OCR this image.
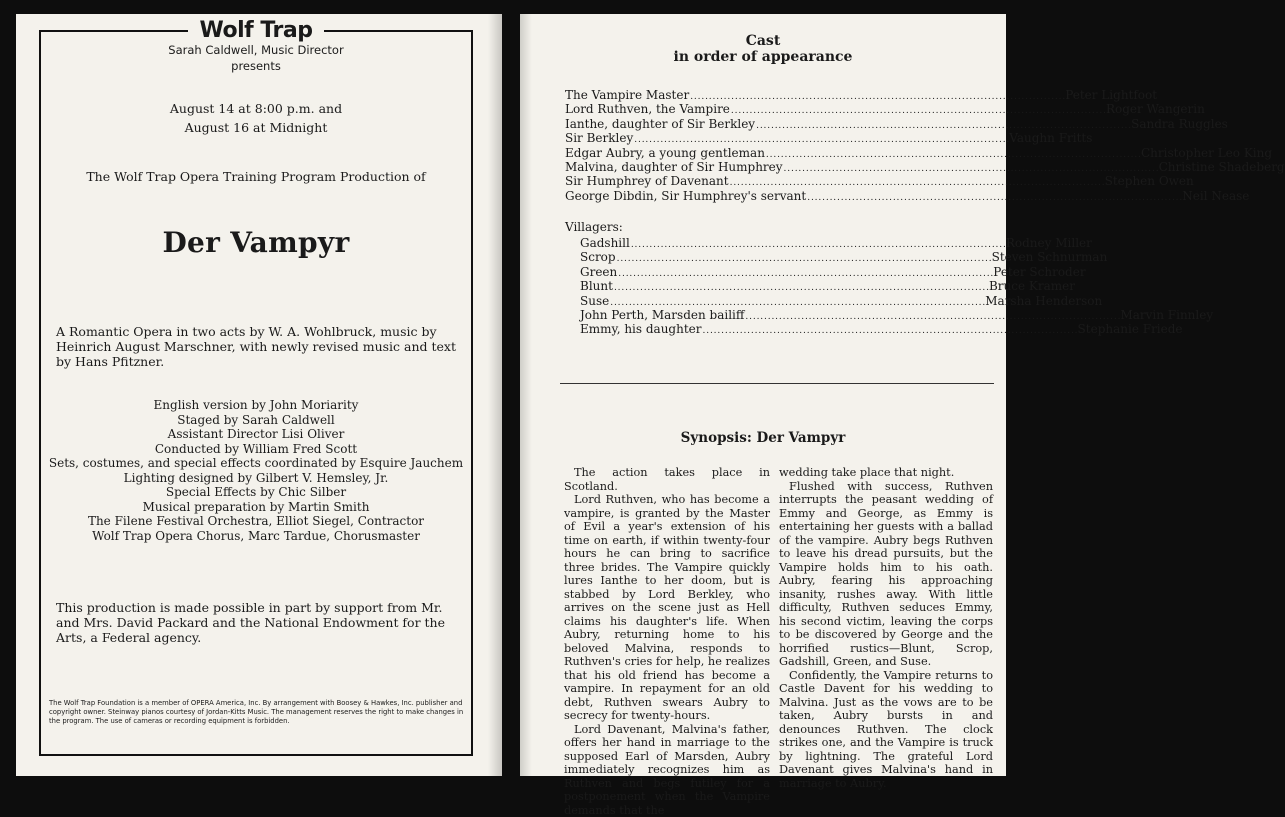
Wolf Trap
Sarah Caldwell, Music Director
presents
August 14 at 8:00 p.m. and
August 16 at Midnight
The Wolf Trap Opera Training Program Production of
Der Vampyr
A Romantic Opera in two acts by W. A. Wohlbruck, music by Heinrich August Marschner, with newly revised music and text by Hans Pfitzner.
English version by John Moriarity
Staged by Sarah Caldwell
Assistant Director Lisi Oliver
Conducted by William Fred Scott
Sets, costumes, and special effects coordinated by Esquire Jauchem
Lighting designed by Gilbert V. Hemsley, Jr.
Special Effects by Chic Silber
Musical preparation by Martin Smith
The Filene Festival Orchestra, Elliot Siegel, Contractor
Wolf Trap Opera Chorus, Marc Tardue, Chorusmaster
This production is made possible in part by support from Mr. and Mrs. David Packard and the National Endowment for the Arts, a Federal agency.
The Wolf Trap Foundation is a member of OPERA America, Inc. By arrangement with Boosey & Hawkes, Inc. publisher and copyright owner. Steinway pianos courtesy of Jordan-Kitts Music. The management reserves the right to make changes in the program. The use of cameras or recording equipment is forbidden.
Cast
in order of appearance
The Vampire Master . . .	Peter Lightfoot
Lord Ruthven, the Vampire . . .	Roger Wangerin
Ianthe, daughter of Sir Berkley . . .	Sandra Ruggles
Sir Berkley . . .	Vaughn Fritts
Edgar Aubry, a young gentleman . . .	Christopher Leo King
Malvina, daughter of Sir Humphrey . . .	Christine Shadeberg
Sir Humphrey of Davenant . . .	Stephen Owen
George Dibdin, Sir Humphrey's servant . . .	Neil Nease
Villagers:
Gadshill . . .	Rodney Miller
Scrop . . .	Steven Schnurman
Green . . .	Peter Schroder
Blunt . . .	Bruce Kramer
Suse . . .	Marsha Henderson
John Perth, Marsden bailiff . . .	Marvin Finnley
Emmy, his daughter . . .	Stephanie Friede
Synopsis: Der Vampyr

The action takes place in Scotland.

Lord Ruthven, who has become a vampire, is granted by the Master of Evil a year's extension of his time on earth, if within twenty-four hours he can bring to sacrifice three brides. The Vampire quickly lures Ianthe to her doom, but is stabbed by Lord Berkley, who arrives on the scene just as Hell claims his daughter's life. When Aubry, returning home to his beloved Malvina, responds to Ruthven's cries for help, he realizes that his old friend has become a vampire. In repayment for an old debt, Ruthven swears Aubry to secrecy for twenty-hours.

Lord Davenant, Malvina's father, offers her hand in marriage to the supposed Earl of Marsden, Aubry immediately recognizes him as Ruthven and begs futiley for a postponement when the Vampire demands that the

wedding take place that night.

Flushed with success, Ruthven interrupts the peasant wedding of Emmy and George, as Emmy is entertaining her guests with a ballad of the vampire. Aubry begs Ruthven to leave his dread pursuits, but the Vampire holds him to his oath. Aubry, fearing his approaching insanity, rushes away. With little difficulty, Ruthven seduces Emmy, his second victim, leaving the corps to be discovered by George and the horrified rustics—Blunt, Scrop, Gadshill, Green, and Suse.

Confidently, the Vampire returns to Castle Davent for his wedding to Malvina. Just as the vows are to be taken, Aubry bursts in and denounces Ruthven. The clock strikes one, and the Vampire is truck by lightning. The grateful Lord Davenant gives Malvina's hand in marriage to Aubry.
